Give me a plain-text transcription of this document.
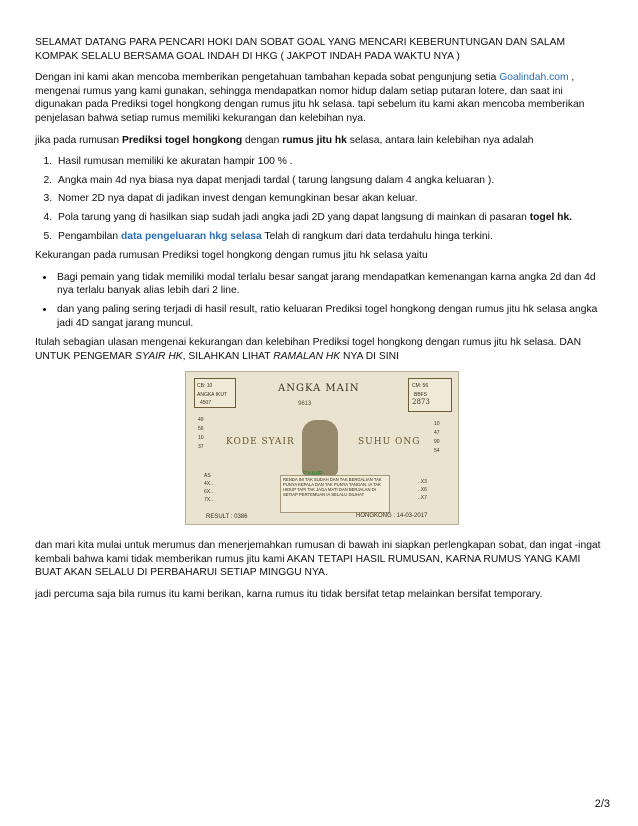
SELAMAT DATANG PARA PENCARI HOKI DAN SOBAT GOAL YANG MENCARI KEBERUNTUNGAN DAN SALAM KOMPAK SELALU BERSAMA GOAL INDAH DI HKG ( JAKPOT INDAH PADA WAKTU NYA )

Dengan ini kami akan mencoba memberikan pengetahuan tambahan kepada sobat pengunjung setia Goalindah.com , mengenai rumus yang kami gunakan, sehingga mendapatkan nomor hidup dalam setiap putaran lotere, dan saat ini digunakan pada Prediksi togel hongkong dengan rumus jitu hk selasa. tapi sebelum itu kami akan mencoba memberikan penjelasan bahwa setiap rumus memiliki kekurangan dan kelebihan nya.

jika pada rumusan Prediksi togel hongkong dengan rumus jitu hk selasa, antara lain kelebihan nya adalah

1. Hasil rumusan memiliki ke akuratan hampir 100 % .
2. Angka main 4d nya biasa nya dapat menjadi tardal ( tarung langsung dalam 4 angka keluaran ).
3. Nomer 2D nya dapat di jadikan invest dengan kemungkinan besar akan keluar.
4. Pola tarung yang di hasilkan siap sudah jadi angka jadi 2D yang dapat langsung di mainkan di pasaran togel hk.
5. Pengambilan data pengeluaran hkg selasa Telah di rangkum dari data terdahulu hinga terkini.

Kekurangan pada rumusan Prediksi togel hongkong dengan rumus jitu hk selasa yaitu

• Bagi pemain yang tidak memiliki modal terlalu besar sangat jarang mendapatkan kemenangan karna angka 2d dan 4d nya terlalu banyak alias lebih dari 2 line.
• dan yang paling sering terjadi di hasil result, ratio keluaran Prediksi togel hongkong dengan rumus jitu hk selasa angka jadi 4D sangat jarang muncul.

Itulah sebagian ulasan mengenai kekurangan dan kelebihan Prediksi togel hongkong dengan rumus jitu hk selasa. DAN UNTUK PENGEMAR SYAIR HK, SILAHKAN LIHAT RAMALAN HK NYA DI SINI

CB: 10
ANGKA IKUT
4507
CM: 56
BBFS
2873
ANGKA MAIN
9613
49
56
10
37
10
47
90
54
KODE SYAIR	SUHU ONG
AS
4X..
6X..
7X..
..X3
..X6
..X7
RENDA INI TAK SUDAH DAN TAK BERGALIAN TAK PUNYA KEPALA DAN TAK PUNYA TANGAN. IA TAK HIDUP TAPI TAK JAGA MATI DAN BERJALAN DI SETIAP PERTEMUAN IA SELALU DILIHAT
RESULT : 0386	HONGKONG : 14-03-2017

dan mari kita mulai untuk merumus dan menerjemahkan rumusan di bawah ini siapkan perlengkapan sobat, dan ingat -ingat kembali bahwa kami tidak memberikan rumus jitu kami AKAN TETAPI HASIL RUMUSAN, KARNA RUMUS YANG KAMI BUAT AKAN SELALU DI PERBAHARUI SETIAP MINGGU NYA.

jadi percuma saja bila rumus itu kami berikan, karna rumus itu tidak bersifat tetap melainkan bersifat temporary.

2/3
